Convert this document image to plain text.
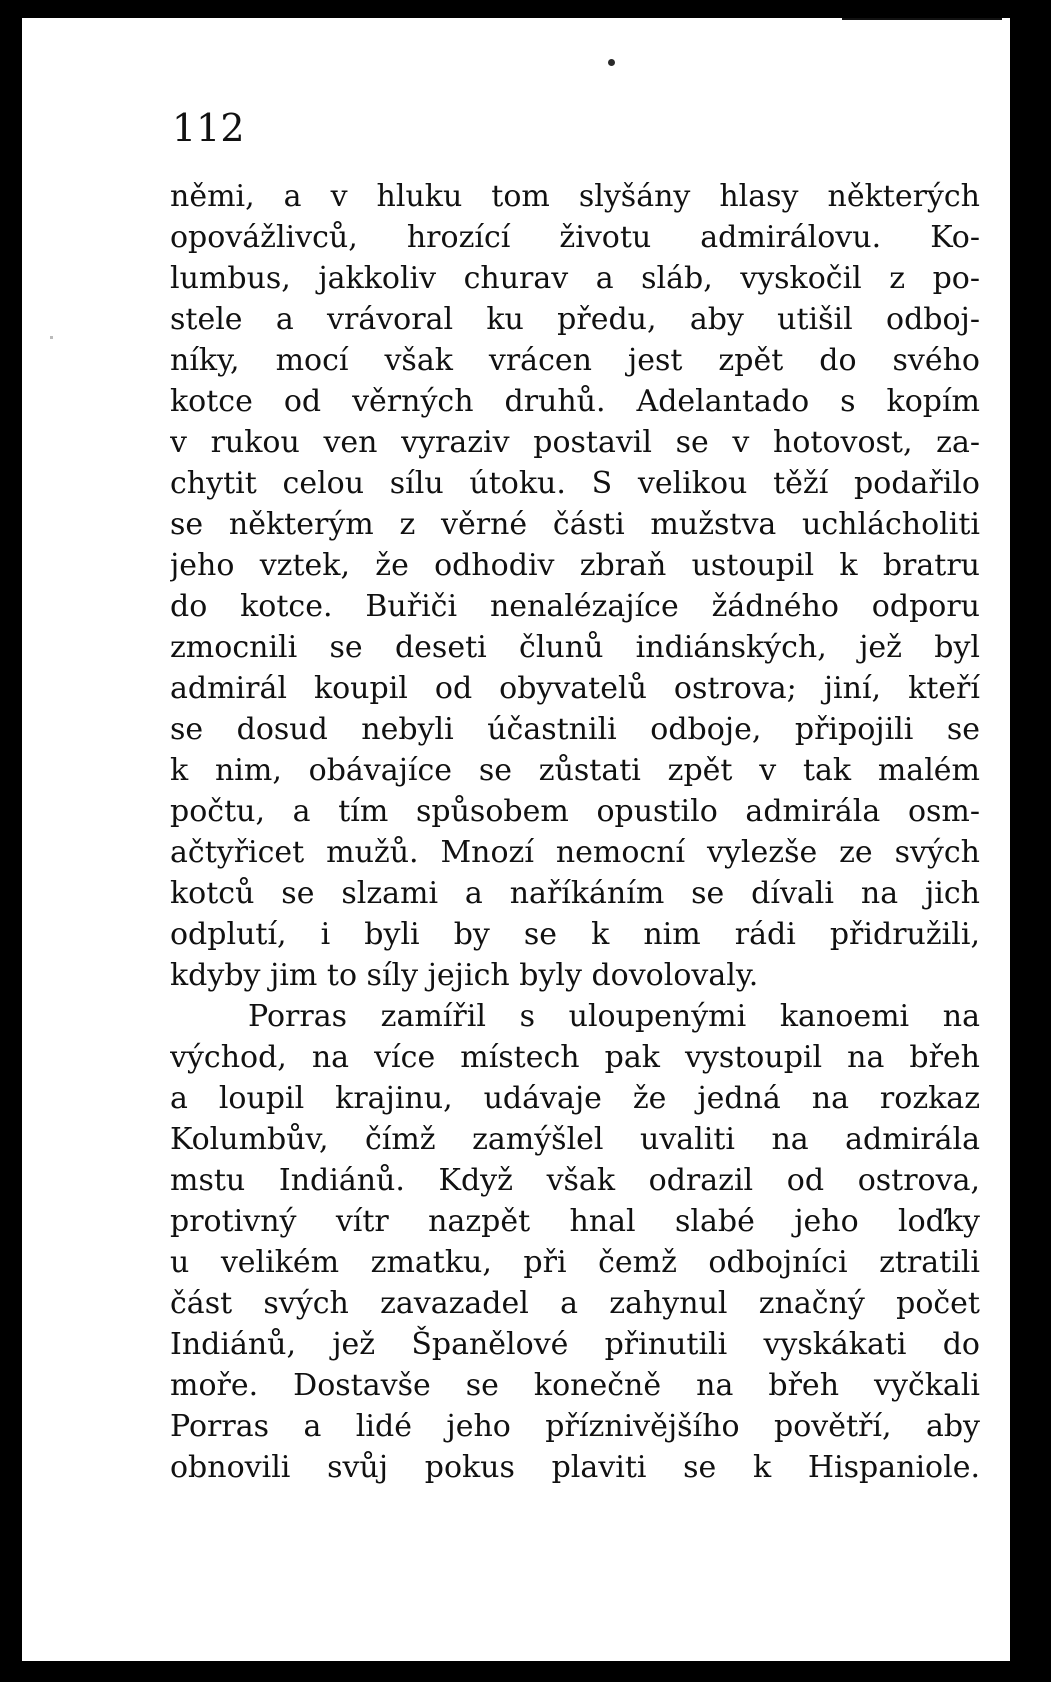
112
němi, a v hluku tom slyšány hlasy některých
opovážlivců, hrozící životu admirálovu. Ko-
lumbus, jakkoliv churav a sláb, vyskočil z po-
stele a vrávoral ku předu, aby utišil odboj-
níky, mocí však vrácen jest zpět do svého
kotce od věrných druhů. Adelantado s kopím
v rukou ven vyraziv postavil se v hotovost, za-
chytit celou sílu útoku. S velikou těží podařilo
se některým z věrné části mužstva uchlácholiti
jeho vztek, že odhodiv zbraň ustoupil k bratru
do kotce. Buřiči nenalézajíce žádného odporu
zmocnili se deseti člunů indiánských, jež byl
admirál koupil od obyvatelů ostrova; jiní, kteří
se dosud nebyli účastnili odboje, připojili se
k nim, obávajíce se zůstati zpět v tak malém
počtu, a tím spůsobem opustilo admirála osm-
ačtyřicet mužů. Mnozí nemocní vylezše ze svých
kotců se slzami a naříkáním se dívali na jich
odplutí, i byli by se k nim rádi přidružili,
kdyby jim to síly jejich byly dovolovaly.
Porras zamířil s uloupenými kanoemi na
východ, na více místech pak vystoupil na břeh
a loupil krajinu, udávaje že jedná na rozkaz
Kolumbův, čímž zamýšlel uvaliti na admirála
mstu Indiánů. Když však odrazil od ostrova,
protivný vítr nazpět hnal slabé jeho loďky
u velikém zmatku, při čemž odbojníci ztratili
část svých zavazadel a zahynul značný počet
Indiánů, jež Španělové přinutili vyskákati do
moře. Dostavše se konečně na břeh vyčkali
Porras a lidé jeho příznivějšího povětří, aby
obnovili svůj pokus plaviti se k Hispaniole.
